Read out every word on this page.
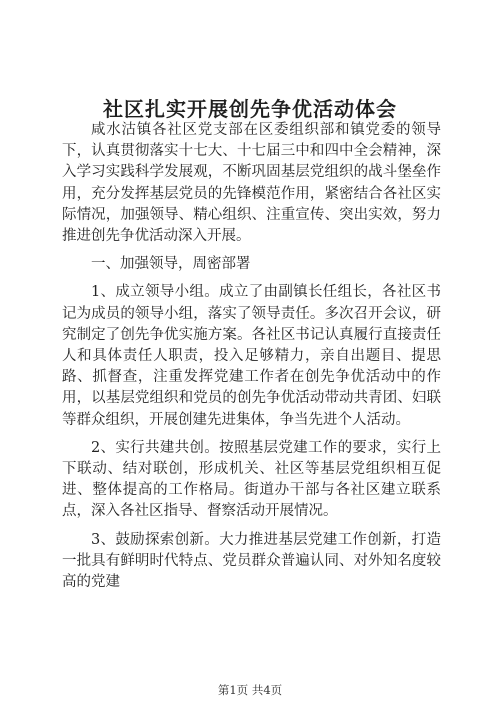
社区扎实开展创先争优活动体会

咸水沽镇各社区党支部在区委组织部和镇党委的领导下，认真贯彻落实十七大、十七届三中和四中全会精神，深入学习实践科学发展观，不断巩固基层党组织的战斗堡垒作用，充分发挥基层党员的先锋模范作用，紧密结合各社区实际情况，加强领导、精心组织、注重宣传、突出实效，努力推进创先争优活动深入开展。

一、加强领导，周密部署

1、成立领导小组。成立了由副镇长任组长，各社区书记为成员的领导小组，落实了领导责任。多次召开会议，研究制定了创先争优实施方案。各社区书记认真履行直接责任人和具体责任人职责，投入足够精力，亲自出题目、提思路、抓督查，注重发挥党建工作者在创先争优活动中的作用，以基层党组织和党员的创先争优活动带动共青团、妇联等群众组织，开展创建先进集体，争当先进个人活动。

2、实行共建共创。按照基层党建工作的要求，实行上下联动、结对联创，形成机关、社区等基层党组织相互促进、整体提高的工作格局。街道办干部与各社区建立联系点，深入各社区指导、督察活动开展情况。

3、鼓励探索创新。大力推进基层党建工作创新，打造一批具有鲜明时代特点、党员群众普遍认同、对外知名度较高的党建

第1页 共4页
